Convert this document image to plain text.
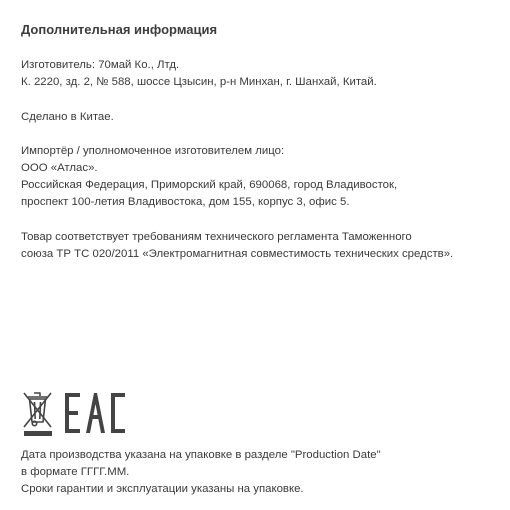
Дополнительная информация
Изготовитель: 70май Ко., Лтд.
К. 2220, зд. 2, № 588, шоссе Цзысин, р-н Минхан, г. Шанхай, Китай.
Сделано в Китае.
Импортёр / уполномоченное изготовителем лицо:
ООО «Атлас».
Российская Федерация, Приморский край, 690068, город Владивосток,
проспект 100-летия Владивостока, дом 155, корпус 3, офис 5.
Товар соответствует требованиям технического регламента Таможенного
союза ТР ТС 020/2011 «Электромагнитная совместимость технических средств».
Дата производства указана на упаковке в разделе "Production Date"
в формате ГГГГ.ММ.
Сроки гарантии и эксплуатации указаны на упаковке.
